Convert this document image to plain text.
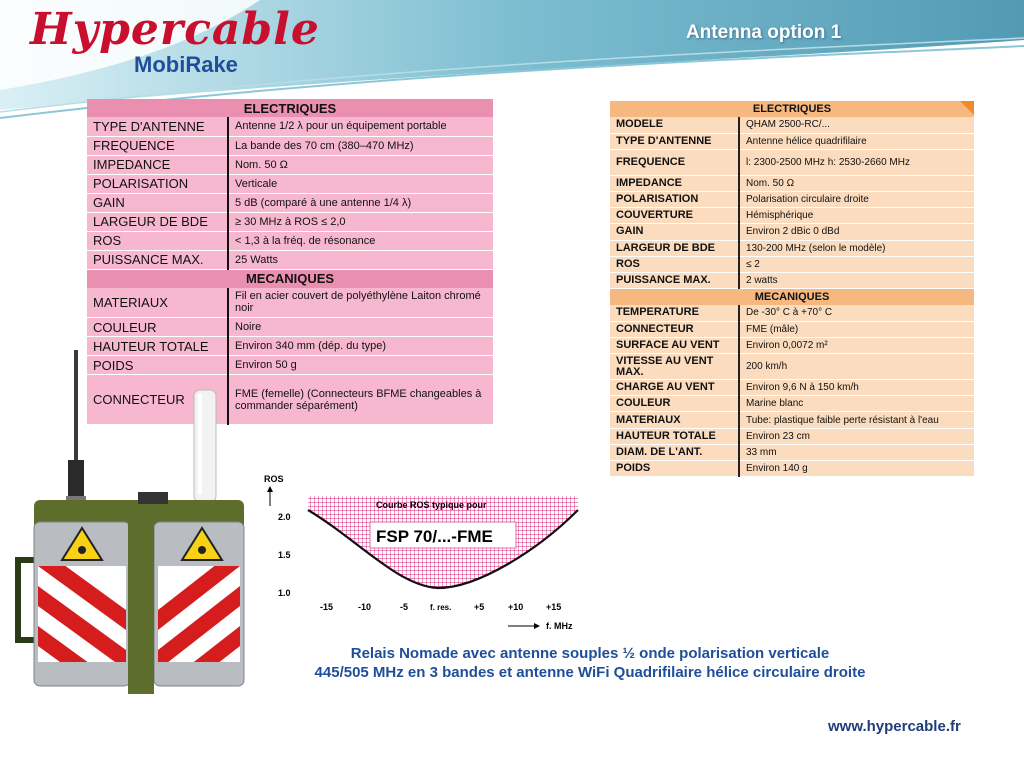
Hypercable
MobiRake
Antenna option 1
ELECTRIQUES	
TYPE D'ANTENNE	Antenne 1/2 λ pour un équipement portable
FREQUENCE	La bande des 70 cm (380–470 MHz)
IMPEDANCE	Nom. 50 Ω
POLARISATION	Verticale
GAIN	5 dB (comparé à une antenne 1/4 λ)
LARGEUR DE BDE	≥ 30 MHz à ROS ≤ 2,0
ROS	< 1,3 à la fréq. de résonance
PUISSANCE MAX.	25 Watts
MECANIQUES	
MATERIAUX	Fil en acier couvert de polyéthylène Laiton chromé noir
COULEUR	Noire
HAUTEUR TOTALE	Environ 340 mm (dép. du type)
POIDS	Environ 50 g
CONNECTEUR	FME (femelle) (Connecteurs BFME changeables à commander séparément)
ELECTRIQUES	
MODELE	QHAM 2500-RC/...
TYPE D'ANTENNE	Antenne hélice quadrifilaire
FREQUENCE	l: 2300-2500 MHz h: 2530-2660 MHz
IMPEDANCE	Nom. 50 Ω
POLARISATION	Polarisation circulaire droite
COUVERTURE	Hémisphérique
GAIN	Environ 2 dBic 0 dBd
LARGEUR DE BDE	130-200 MHz (selon le modèle)
ROS	≤ 2
PUISSANCE MAX.	2 watts
MECANIQUES	
TEMPERATURE	De -30° C à +70° C
CONNECTEUR	FME (mâle)
SURFACE AU VENT	Environ 0,0072 m²
VITESSE AU VENT MAX.	200 km/h
CHARGE AU VENT	Environ 9,6 N à 150 km/h
COULEUR	Marine blanc
MATERIAUX	Tube: plastique faible perte résistant à l'eau
HAUTEUR TOTALE	Environ 23 cm
DIAM. DE L'ANT.	33 mm
POIDS	Environ 140 g
ROS
2.0
1.5
1.0
-15	-10	-5	f. res.	+5	+10	+15
f. MHz
Courbe ROS typique pour
FSP 70/...-FME
Relais Nomade avec antenne souples ½ onde polarisation verticale
445/505 MHz en 3 bandes et antenne WiFi Quadrifilaire hélice circulaire droite
www.hypercable.fr
